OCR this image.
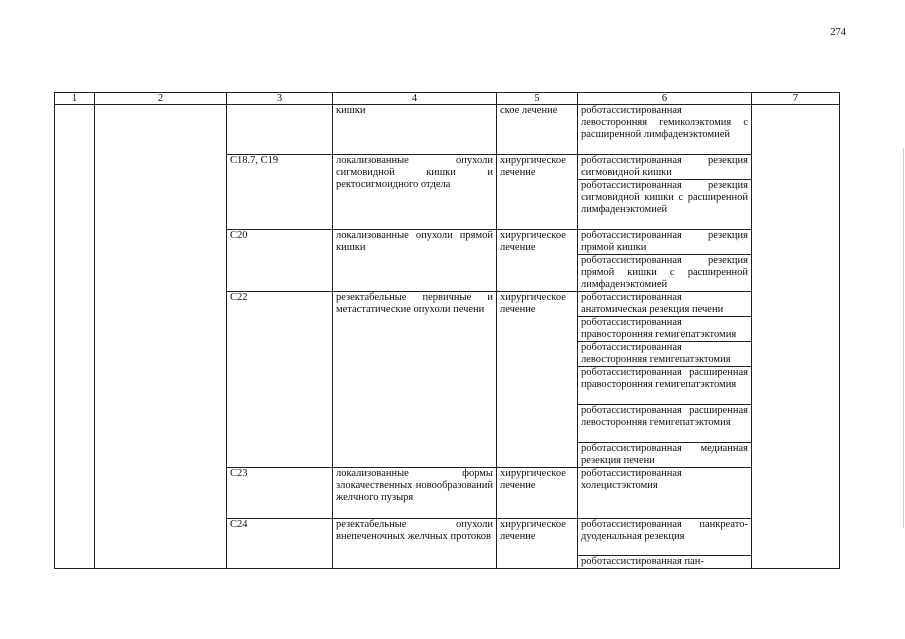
274
1	2	3	4	5	6	7
			кишки	ское лечение	роботассистированная левосторонняя гемиколэктомия с расширенной лимфаденэктомией	
		C18.7, C19	локализованные опухоли сигмовидной кишки и ректосигмоидного отдела	хирургическое лечение	роботассистированная резекция сигмовидной кишки	
					роботассистированная резекция сигмовидной кишки с расширенной лимфаденэктомией	
		C20	локализованные опухоли прямой кишки	хирургическое лечение	роботассистированная резекция прямой кишки	
					роботассистированная резекция прямой кишки с расширенной лимфаденэктомией	
		C22	резектабельные первичные и метастатические опухоли печени	хирургическое лечение	роботассистированная анатомическая резекция печени	
					роботассистированная правосторонняя гемигепатэктомия	
					роботассистированная левосторонняя гемигепатэктомия	
					роботассистированная расширенная правосторонняя гемигепатэктомия	
					роботассистированная расширенная левосторонняя гемигепатэктомия	
					роботассистированная медианная резекция печени	
		C23	локализованные формы злокачественных новообразований желчного пузыря	хирургическое лечение	роботассистированная холецистэктомия	
		C24	резектабельные опухоли внепеченочных желчных протоков	хирургическое лечение	роботассистированная панкреато-дуоденальная резекция	
					роботассистированная пан-	
